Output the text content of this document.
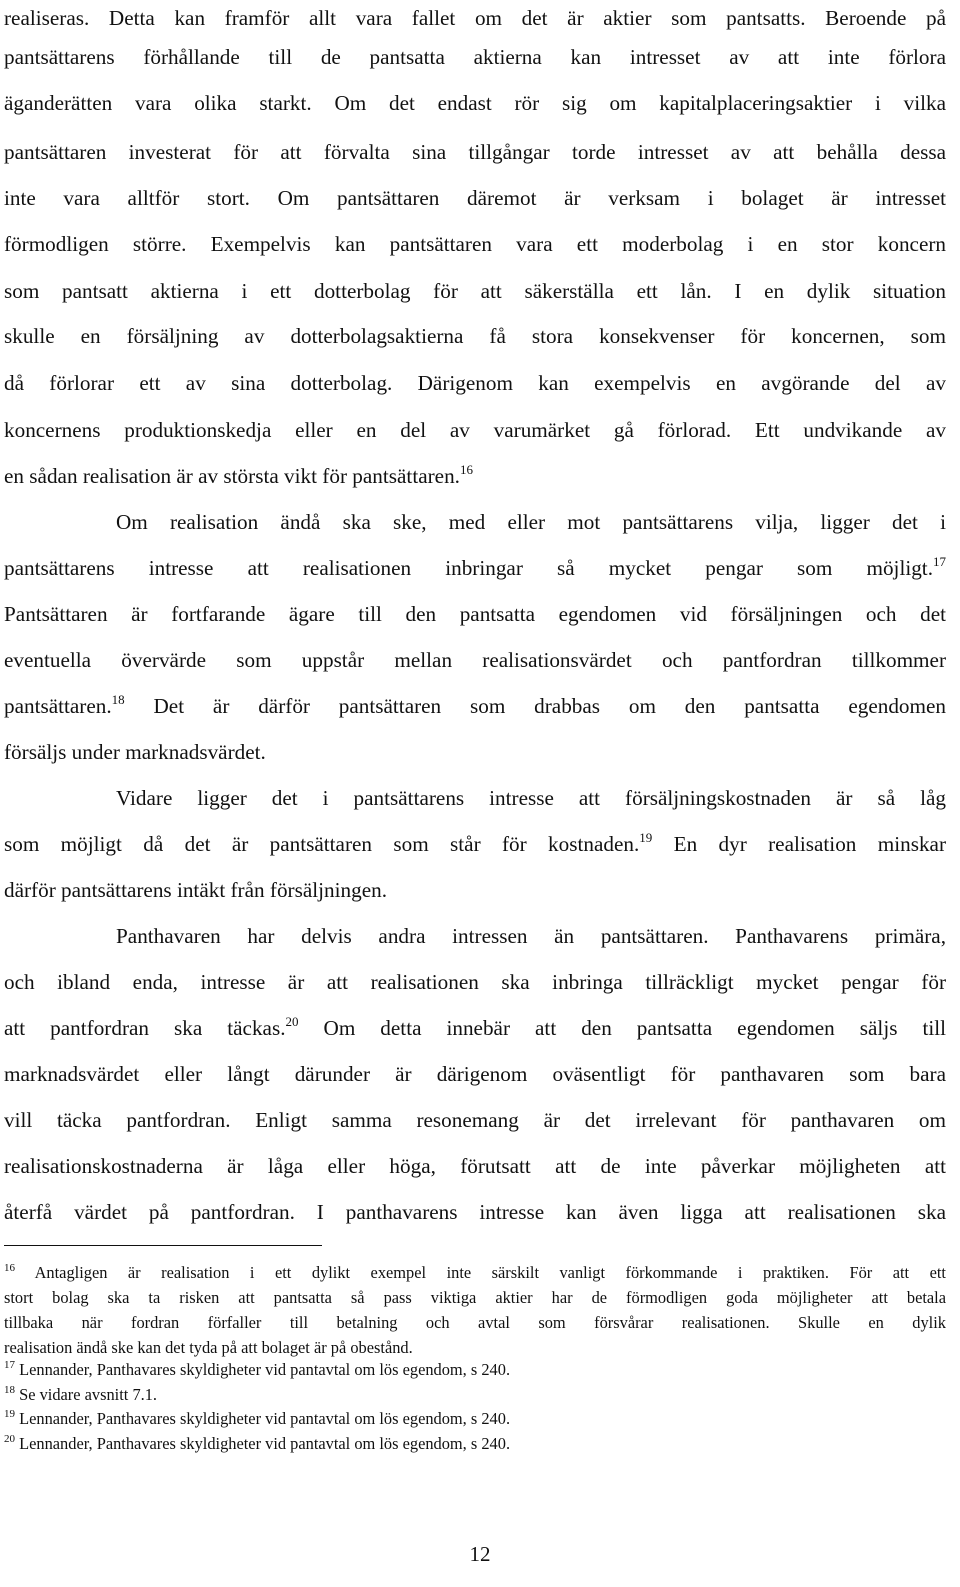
realiseras. Detta kan framför allt vara fallet om det är aktier som pantsatts. Beroende på
pantsättarens förhållande till de pantsatta aktierna kan intresset av att inte förlora
äganderätten vara olika starkt. Om det endast rör sig om kapitalplaceringsaktier i vilka
pantsättaren investerat för att förvalta sina tillgångar torde intresset av att behålla dessa
inte vara alltför stort. Om pantsättaren däremot är verksam i bolaget är intresset
förmodligen större. Exempelvis kan pantsättaren vara ett moderbolag i en stor koncern
som pantsatt aktierna i ett dotterbolag för att säkerställa ett lån. I en dylik situation
skulle en försäljning av dotterbolagsaktierna få stora konsekvenser för koncernen, som
då förlorar ett av sina dotterbolag. Därigenom kan exempelvis en avgörande del av
koncernens produktionskedja eller en del av varumärket gå förlorad. Ett undvikande av
en sådan realisation är av största vikt för pantsättaren.$^{16}$
Om realisation ändå ska ske, med eller mot pantsättarens vilja, ligger det i
pantsättarens intresse att realisationen inbringar så mycket pengar som möjligt.$^{17}$
Pantsättaren är fortfarande ägare till den pantsatta egendomen vid försäljningen och det
eventuella övervärde som uppstår mellan realisationsvärdet och pantfordran tillkommer
pantsättaren.$^{18}$ Det är därför pantsättaren som drabbas om den pantsatta egendomen
försäljs under marknadsvärdet.
Vidare ligger det i pantsättarens intresse att försäljningskostnaden är så låg
som möjligt då det är pantsättaren som står för kostnaden.$^{19}$ En dyr realisation minskar
därför pantsättarens intäkt från försäljningen.
Panthavaren har delvis andra intressen än pantsättaren. Panthavarens primära,
och ibland enda, intresse är att realisationen ska inbringa tillräckligt mycket pengar för
att pantfordran ska täckas.$^{20}$ Om detta innebär att den pantsatta egendomen säljs till
marknadsvärdet eller långt därunder är därigenom oväsentligt för panthavaren som bara
vill täcka pantfordran. Enligt samma resonemang är det irrelevant för panthavaren om
realisationskostnaderna är låga eller höga, förutsatt att de inte påverkar möjligheten att
återfå värdet på pantfordran. I panthavarens intresse kan även ligga att realisationen ska
$^{16}$ Antagligen är realisation i ett dylikt exempel inte särskilt vanligt förkommande i praktiken. För att ett
stort bolag ska ta risken att pantsatta så pass viktiga aktier har de förmodligen goda möjligheter att betala
tillbaka när fordran förfaller till betalning och avtal som försvårar realisationen. Skulle en dylik
realisation ändå ske kan det tyda på att bolaget är på obestånd.
$^{17}$ Lennander, Panthavares skyldigheter vid pantavtal om lös egendom, s 240.
$^{18}$ Se vidare avsnitt 7.1.
$^{19}$ Lennander, Panthavares skyldigheter vid pantavtal om lös egendom, s 240.
$^{20}$ Lennander, Panthavares skyldigheter vid pantavtal om lös egendom, s 240.
12
